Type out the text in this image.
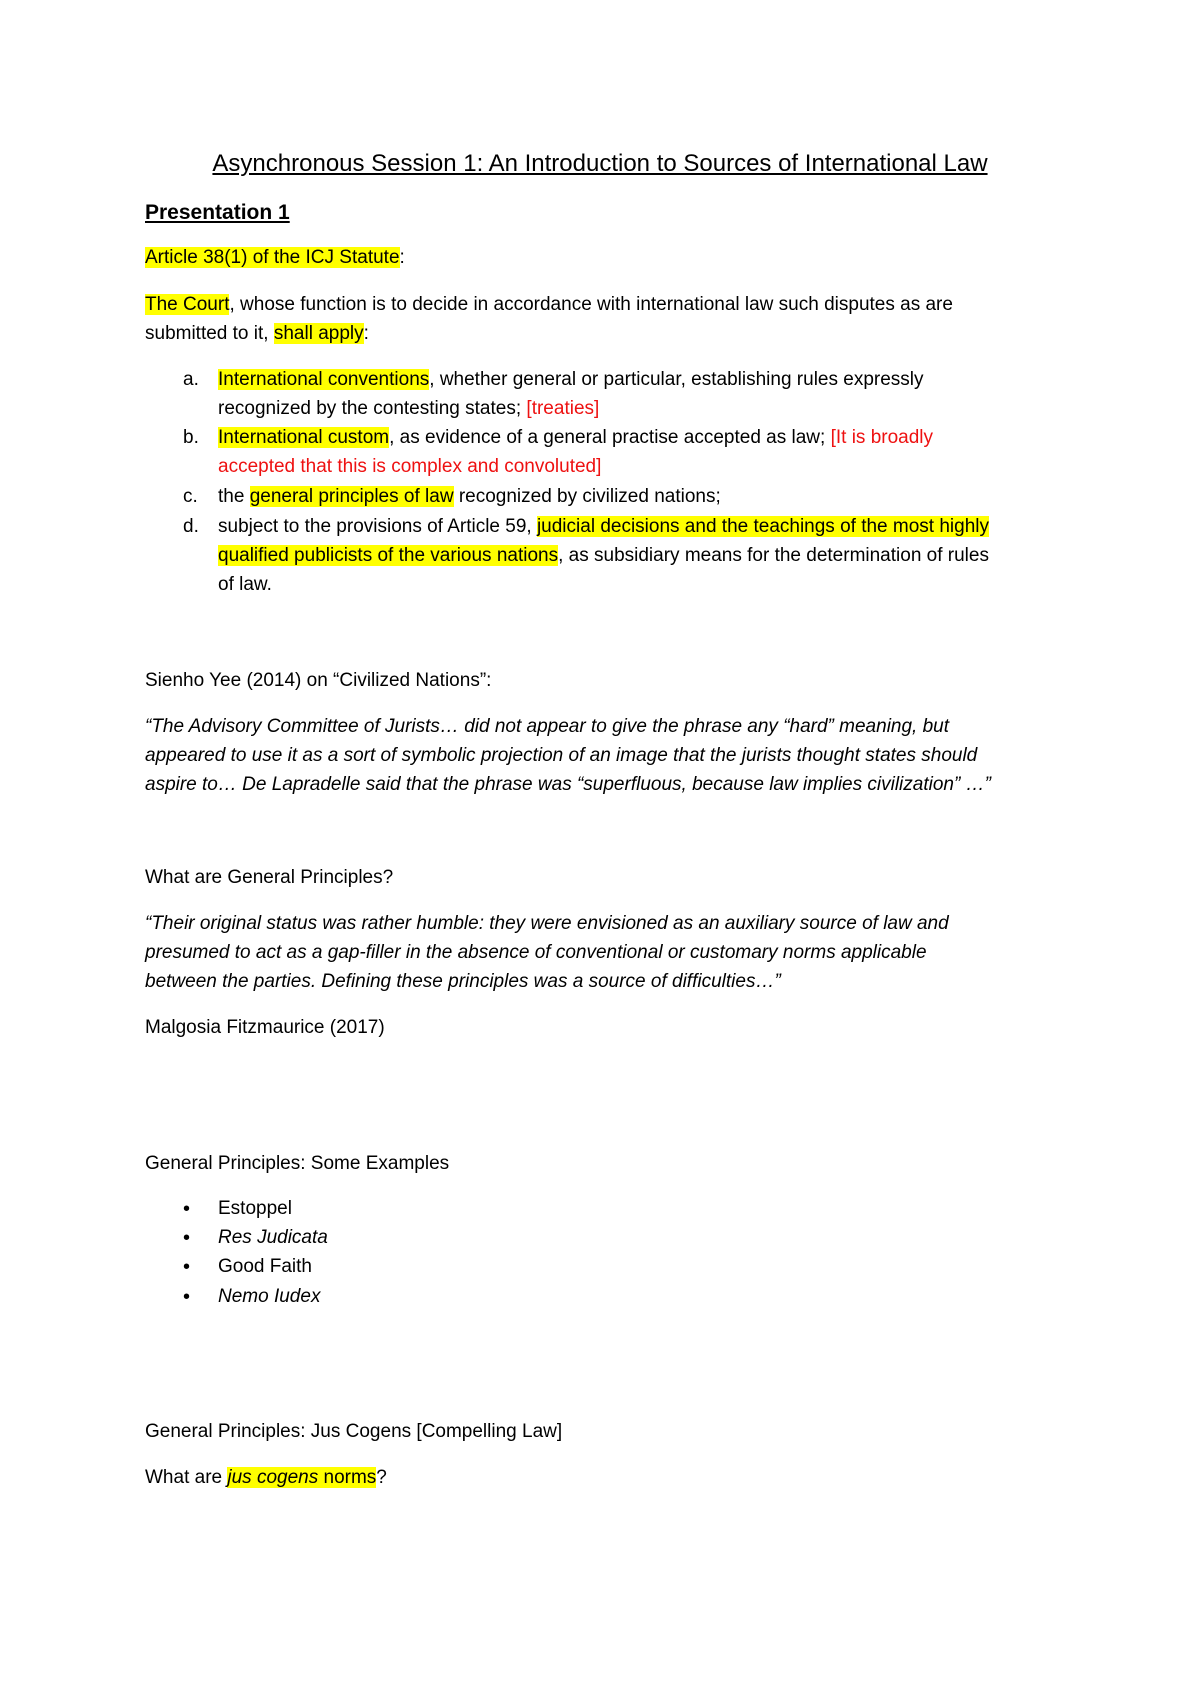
Asynchronous Session 1: An Introduction to Sources of International Law
Presentation 1
Article 38(1) of the ICJ Statute:
The Court, whose function is to decide in accordance with international law such disputes as are
submitted to it, shall apply:
a. International conventions, whether general or particular, establishing rules expressly
recognized by the contesting states; [treaties]
b. International custom, as evidence of a general practise accepted as law; [It is broadly
accepted that this is complex and convoluted]
c. the general principles of law recognized by civilized nations;
d. subject to the provisions of Article 59, judicial decisions and the teachings of the most highly
qualified publicists of the various nations, as subsidiary means for the determination of rules
of law.
Sienho Yee (2014) on “Civilized Nations”:
“The Advisory Committee of Jurists… did not appear to give the phrase any “hard” meaning, but
appeared to use it as a sort of symbolic projection of an image that the jurists thought states should
aspire to… De Lapradelle said that the phrase was “superfluous, because law implies civilization” …”
What are General Principles?
“Their original status was rather humble: they were envisioned as an auxiliary source of law and
presumed to act as a gap-filler in the absence of conventional or customary norms applicable
between the parties. Defining these principles was a source of difficulties…”
Malgosia Fitzmaurice (2017)
General Principles: Some Examples
• Estoppel
• Res Judicata
• Good Faith
• Nemo Iudex
General Principles: Jus Cogens [Compelling Law]
What are jus cogens norms?
